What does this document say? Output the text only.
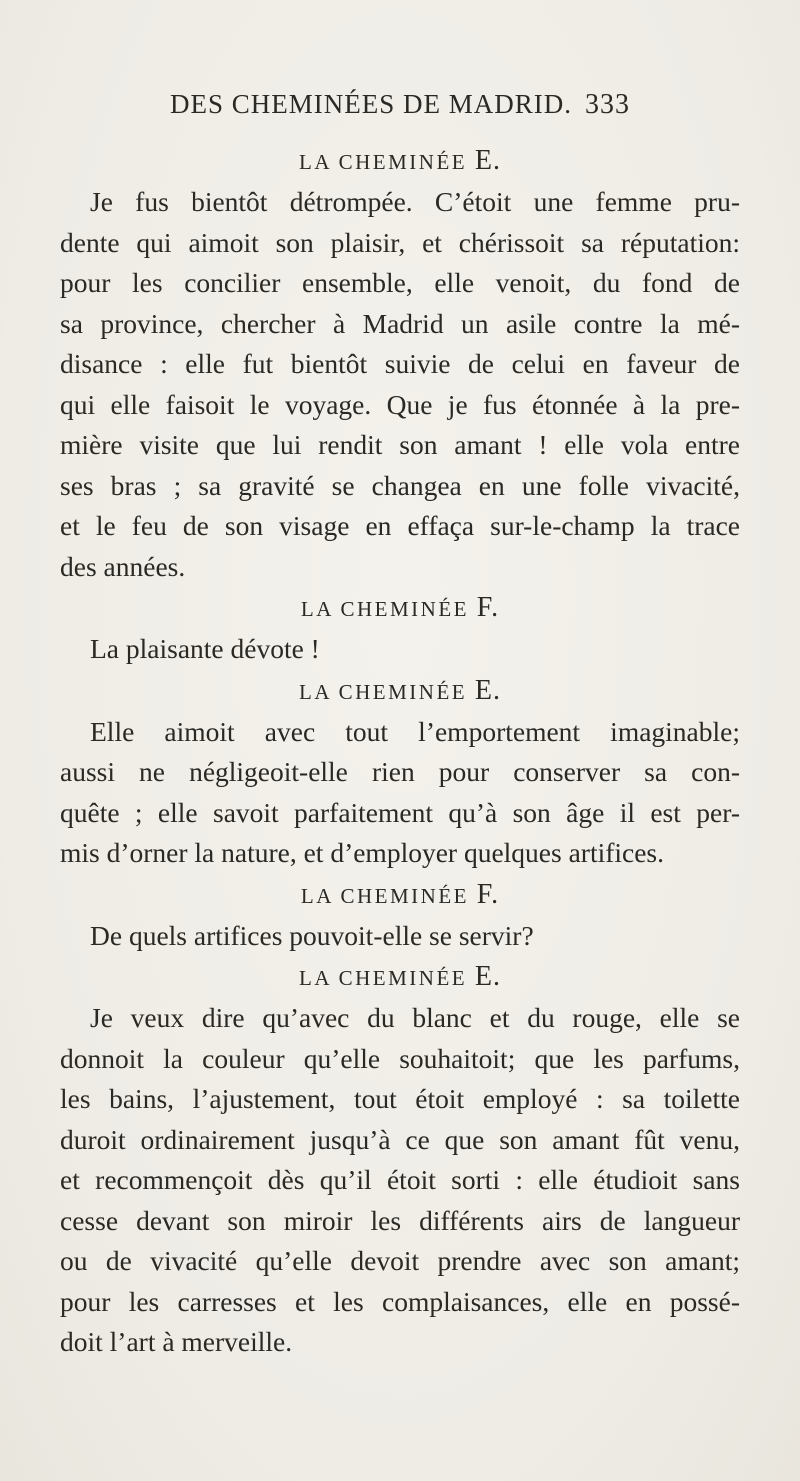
DES CHEMINÉES DE MADRID. 333
LA CHEMINÉE E.
Je fus bientôt détrompée. C’étoit une femme pru-
dente qui aimoit son plaisir, et chérissoit sa réputation:
pour les concilier ensemble, elle venoit, du fond de
sa province, chercher à Madrid un asile contre la mé-
disance : elle fut bientôt suivie de celui en faveur de
qui elle faisoit le voyage. Que je fus étonnée à la pre-
mière visite que lui rendit son amant ! elle vola entre
ses bras ; sa gravité se changea en une folle vivacité,
et le feu de son visage en effaça sur-le-champ la trace
des années.
LA CHEMINÉE F.
La plaisante dévote !
LA CHEMINÉE E.
Elle aimoit avec tout l’emportement imaginable;
aussi ne négligeoit-elle rien pour conserver sa con-
quête ; elle savoit parfaitement qu’à son âge il est per-
mis d’orner la nature, et d’employer quelques artifices.
LA CHEMINÉE F.
De quels artifices pouvoit-elle se servir?
LA CHEMINÉE E.
Je veux dire qu’avec du blanc et du rouge, elle se
donnoit la couleur qu’elle souhaitoit; que les parfums,
les bains, l’ajustement, tout étoit employé : sa toilette
duroit ordinairement jusqu’à ce que son amant fût venu,
et recommençoit dès qu’il étoit sorti : elle étudioit sans
cesse devant son miroir les différents airs de langueur
ou de vivacité qu’elle devoit prendre avec son amant;
pour les carresses et les complaisances, elle en possé-
doit l’art à merveille.
